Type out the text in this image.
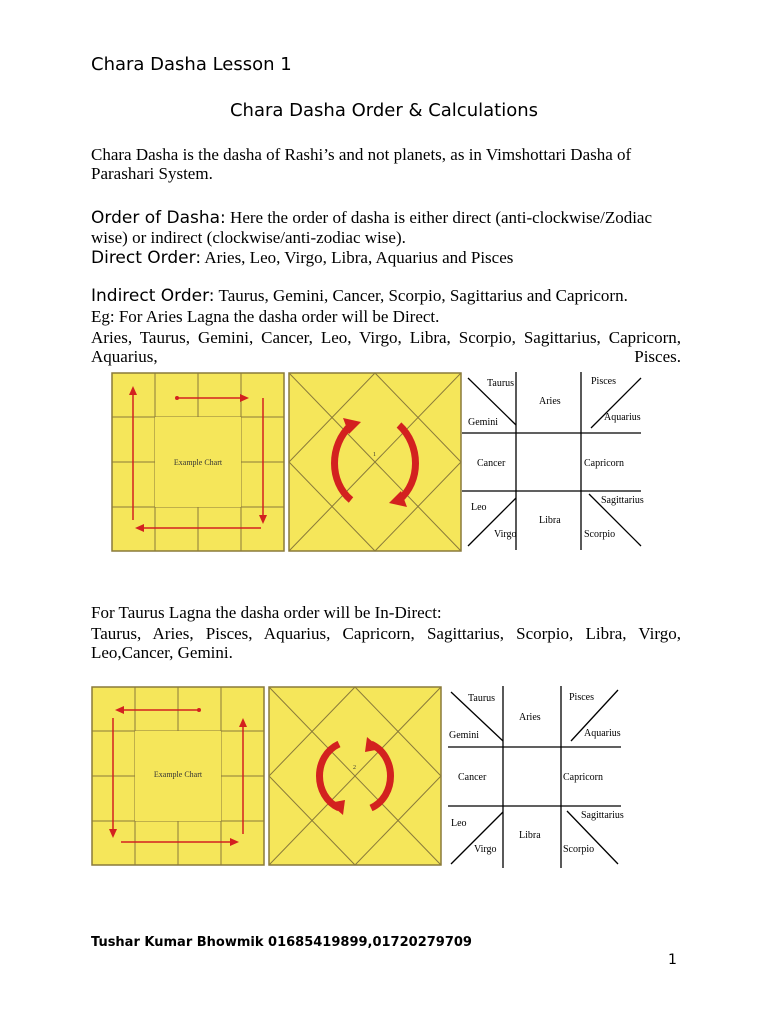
Chara Dasha Lesson 1
Chara Dasha Order & Calculations
Chara Dasha is the dasha of Rashi’s and not planets, as in Vimshottari Dasha of Parashari System.
Order of Dasha: Here the order of dasha is either direct (anti-clockwise/Zodiac wise) or indirect (clockwise/anti-zodiac wise).
Direct Order: Aries, Leo, Virgo, Libra, Aquarius and Pisces
Indirect Order: Taurus, Gemini, Cancer, Scorpio, Sagittarius and Capricorn.
Eg: For Aries Lagna the dasha order will be Direct.
Aries, Taurus, Gemini, Cancer, Leo, Virgo, Libra, Scorpio, Sagittarius, Capricorn, Aquarius, Pisces.
Example Chart
1
Taurus	Pisces
Aries
Gemini	Aquarius
Cancer	Capricorn
Sagittarius
Leo
Libra
Virgo	Scorpio
For Taurus Lagna the dasha order will be In-Direct:
Taurus, Aries, Pisces, Aquarius, Capricorn, Sagittarius, Scorpio, Libra, Virgo, Leo,Cancer, Gemini.
Example Chart
2
Taurus	Pisces
Aries
Gemini	Aquarius
Cancer	Capricorn
Sagittarius
Leo
Libra
Virgo	Scorpio
Tushar Kumar Bhowmik 01685419899,01720279709
1
